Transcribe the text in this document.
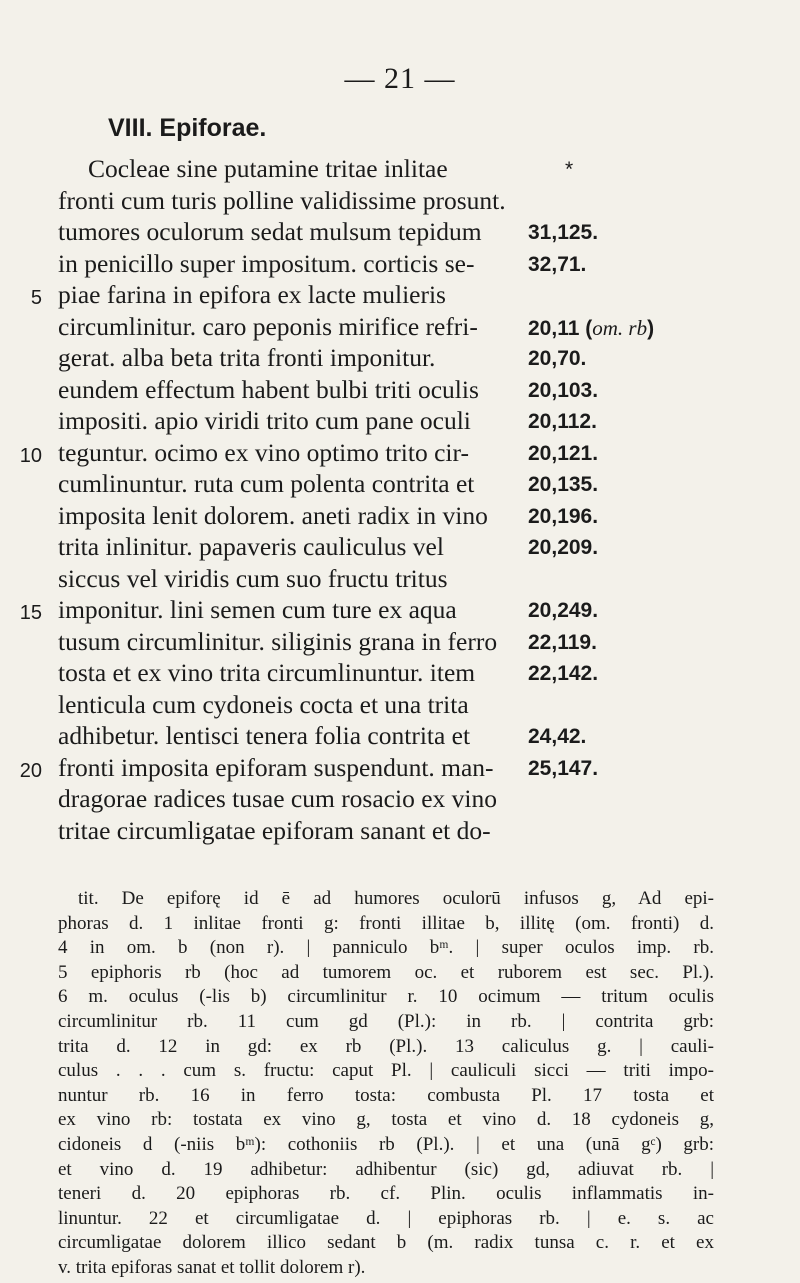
— 21 —
VIII. Epiforae.
Cocleae sine putamine tritae inlitae	*
fronti cum turis polline validissime prosunt.
tumores oculorum sedat mulsum tepidum 31,125.
in penicillo super impositum. corticis se-	32,71.
5 piae farina in epifora ex lacte mulieris
circumlinitur. caro peponis mirifice refri- 20,11 (om. rb)
gerat. alba beta trita fronti imponitur.	20,70.
eundem effectum habent bulbi triti oculis 20,103.
impositi. apio viridi trito cum pane oculi	20,112.
10 teguntur. ocimo ex vino optimo trito cir-	20,121.
cumlinuntur. ruta cum polenta contrita et	20,135.
imposita lenit dolorem. aneti radix in vino 20,196.
trita inlinitur. papaveris cauliculus vel	20,209.
siccus vel viridis cum suo fructu tritus
15 imponitur. lini semen cum ture ex aqua	20,249.
tusum circumlinitur. siliginis grana in ferro 22,119.
tosta et ex vino trita circumlinuntur. item	22,142.
lenticula cum cydoneis cocta et una trita
adhibetur. lentisci tenera folia contrita et	24,42.
20 fronti imposita epiforam suspendunt. man- 25,147.
dragorae radices tusae cum rosacio ex vino
tritae circumligatae epiforam sanant et do-
tit. De epiforę id ē ad humores oculorū infusos g, Ad epi-
phoras d. 1 inlitae fronti g: fronti illitae b, illitę (om. fronti) d.
4 in om. b (non r). | panniculo bᵐ. | super oculos imp. rb.
5 epiphoris rb (hoc ad tumorem oc. et ruborem est sec. Pl.).
6 m. oculus (-lis b) circumlinitur r. 10 ocimum — tritum oculis
circumlinitur rb. 11 cum gd (Pl.): in rb. | contrita grb:
trita d. 12 in gd: ex rb (Pl.). 13 caliculus g. | cauli-
culus . . . cum s. fructu: caput Pl. | cauliculi sicci — triti impo-
nuntur rb. 16 in ferro tosta: combusta Pl. 17 tosta et
ex vino rb: tostata ex vino g, tosta et vino d. 18 cydoneis g,
cidoneis d (-niis bᵐ): cothoniis rb (Pl.). | et una (unā gᶜ) grb:
et vino d. 19 adhibetur: adhibentur (sic) gd, adiuvat rb. |
teneri d. 20 epiphoras rb. cf. Plin. oculis inflammatis in-
linuntur. 22 et circumligatae d. | epiphoras rb. | e. s. ac
circumligatae dolorem illico sedant b (m. radix tunsa c. r. et ex
v. trita epiforas sanat et tollit dolorem r).
